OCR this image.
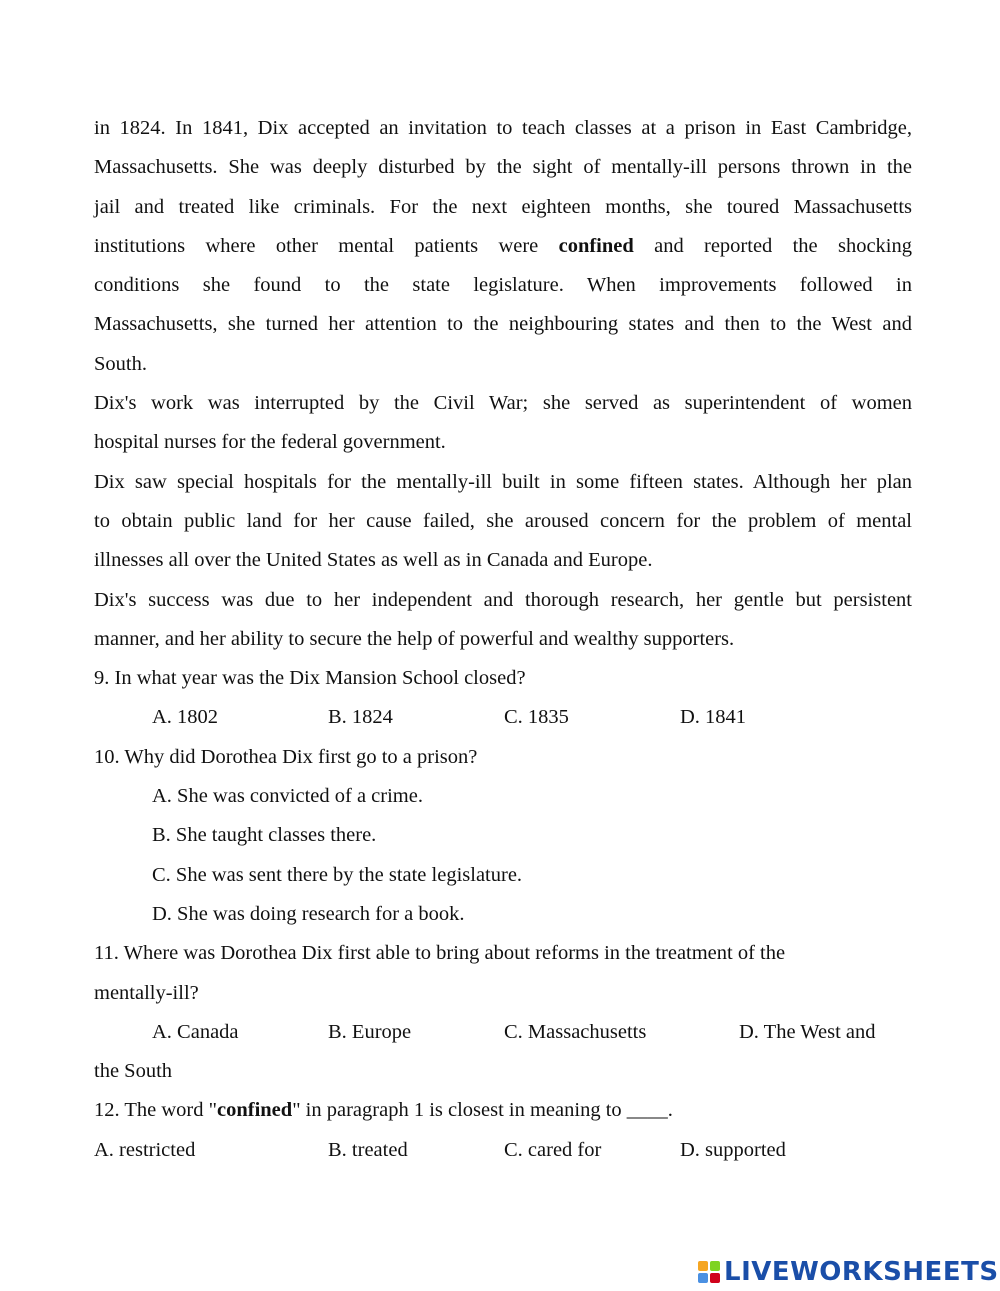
in 1824. In 1841, Dix accepted an invitation to teach classes at a prison in East Cambridge,
Massachusetts. She was deeply disturbed by the sight of mentally-ill persons thrown in the
jail and treated like criminals. For the next eighteen months, she toured Massachusetts
institutions where other mental patients were confined and reported the shocking
conditions she found to the state legislature. When improvements followed in
Massachusetts, she turned her attention to the neighbouring states and then to the West and
South.
Dix's work was interrupted by the Civil War; she served as superintendent of women
hospital nurses for the federal government.
Dix saw special hospitals for the mentally-ill built in some fifteen states. Although her plan
to obtain public land for her cause failed, she aroused concern for the problem of mental
illnesses all over the United States as well as in Canada and Europe.
Dix's success was due to her independent and thorough research, her gentle but persistent
manner, and her ability to secure the help of powerful and wealthy supporters.
9. In what year was the Dix Mansion School closed?
A. 1802	B. 1824	C. 1835	D. 1841
10. Why did Dorothea Dix first go to a prison?
A. She was convicted of a crime.
B. She taught classes there.
C. She was sent there by the state legislature.
D. She was doing research for a book.
11. Where was Dorothea Dix first able to bring about reforms in the treatment of the
mentally-ill?
A. Canada	B. Europe	C. Massachusetts	D. The West and
the South
12. The word "confined" in paragraph 1 is closest in meaning to ____.
A. restricted	B. treated	C. cared for	D. supported
LIVEWORKSHEETS
